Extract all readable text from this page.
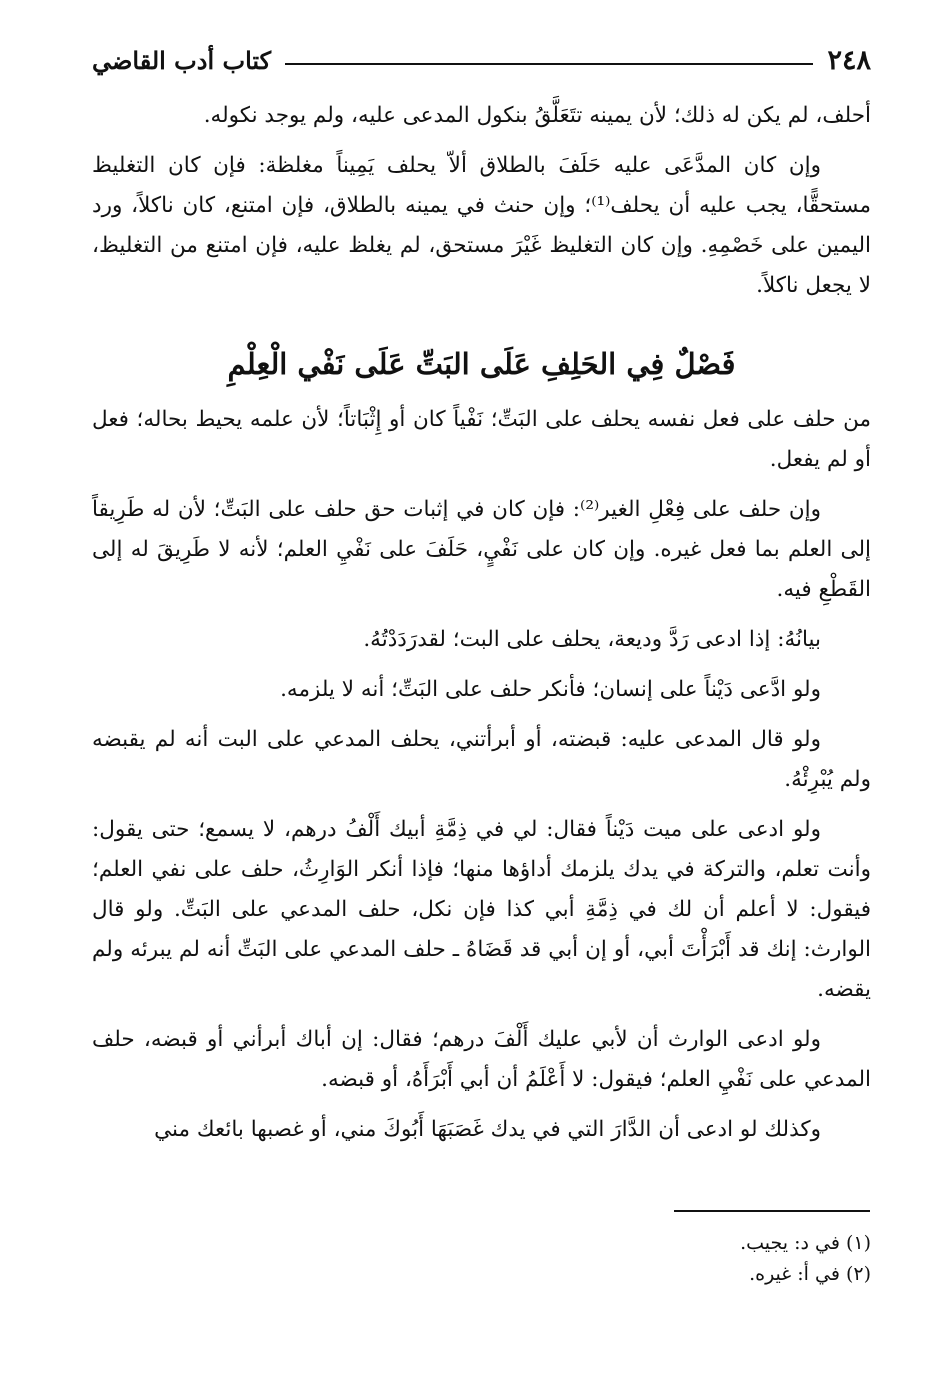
٢٤٨
كتاب أدب القاضي

أحلف، لم يكن له ذلك؛ لأن يمينه تتَعَلَّقُ بنكول المدعى عليه، ولم يوجد نكوله.

وإن كان المدَّعَى عليه حَلَفَ بالطلاق ألاّ يحلف يَمِيناً مغلظة: فإن كان التغليظ مستحقًّا، يجب عليه أن يحلف⁽¹⁾؛ وإن حنث في يمينه بالطلاق، فإن امتنع، كان ناكلاً، ورد اليمين على خَصْمِهِ. وإن كان التغليظ غَيْرَ مستحق، لم يغلظ عليه، فإن امتنع من التغليظ، لا يجعل ناكلاً.

فَصْلٌ فِي الحَلِفِ عَلَى البَتِّ عَلَى نَفْي الْعِلْمِ

من حلف على فعل نفسه يحلف على البَتِّ؛ نَفْياً كان أو إِثْبَاتاً؛ لأن علمه يحيط بحاله؛ فعل أو لم يفعل.

وإن حلف على فِعْلِ الغير⁽²⁾: فإن كان في إثبات حق حلف على البَتِّ؛ لأن له طَرِيقاً إلى العلم بما فعل غيره. وإن كان على نَفْيٍ، حَلَفَ على نَفْيِ العلم؛ لأنه لا طَرِيقَ له إلى القَطْعِ فيه.

بيانُهُ: إذا ادعى رَدَّ وديعة، يحلف على البت؛ لقدرَدَدْتُهُ.

ولو ادَّعى دَيْناً على إنسان؛ فأنكر حلف على البَتِّ؛ أنه لا يلزمه.

ولو قال المدعى عليه: قبضته، أو أبرأتني، يحلف المدعي على البت أنه لم يقبضه ولم يُبْرِئْهُ.

ولو ادعى على ميت دَيْناً فقال: لي في ذِمَّةِ أبيك أَلْفُ درهم، لا يسمع؛ حتى يقول: وأنت تعلم، والتركة في يدك يلزمك أداؤها منها؛ فإذا أنكر الوَارِثُ، حلف على نفي العلم؛ فيقول: لا أعلم أن لك في ذِمَّةِ أبي كذا فإن نكل، حلف المدعي على البَتِّ. ولو قال الوارث: إنك قد أَبْرَأْتَ أبي، أو إن أبي قد قَضَاهُ ـ حلف المدعي على البَتِّ أنه لم يبرئه ولم يقضه.

ولو ادعى الوارث أن لأبي عليك أَلْفَ درهم؛ فقال: إن أباك أبرأني أو قبضه، حلف المدعي على نَفْيِ العلم؛ فيقول: لا أَعْلَمُ أن أبي أَبْرَأَهُ، أو قبضه.

وكذلك لو ادعى أن الدَّارَ التي في يدك غَصَبَهَا أَبُوكَ مني، أو غصبها بائعك مني

(١) في د: يجيب.

(٢) في أ: غيره.
